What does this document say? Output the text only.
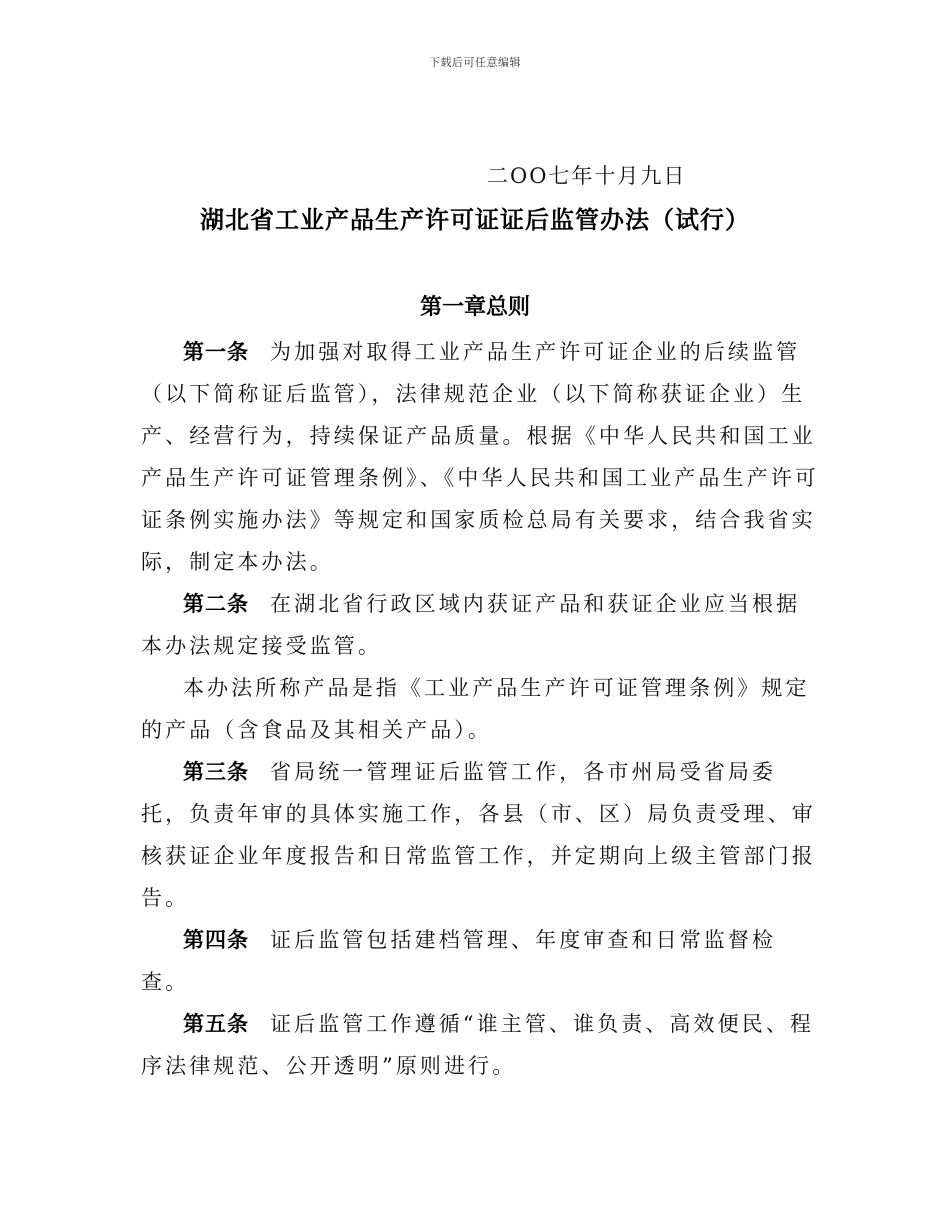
下载后可任意编辑
二OO七年十月九日
湖北省工业产品生产许可证证后监管办法（试行）
第一章总则

第一条 为加强对取得工业产品生产许可证企业的后续监管（以下简称证后监管），法律规范企业（以下简称获证企业）生产、经营行为，持续保证产品质量。根据《中华人民共和国工业产品生产许可证管理条例》、《中华人民共和国工业产品生产许可证条例实施办法》等规定和国家质检总局有关要求，结合我省实际，制定本办法。

第二条 在湖北省行政区域内获证产品和获证企业应当根据本办法规定接受监管。

本办法所称产品是指《工业产品生产许可证管理条例》规定的产品（含食品及其相关产品）。

第三条 省局统一管理证后监管工作，各市州局受省局委托，负责年审的具体实施工作，各县（市、区）局负责受理、审核获证企业年度报告和日常监管工作，并定期向上级主管部门报告。

第四条 证后监管包括建档管理、年度审查和日常监督检查。

第五条 证后监管工作遵循“谁主管、谁负责、高效便民、程序法律规范、公开透明”原则进行。
